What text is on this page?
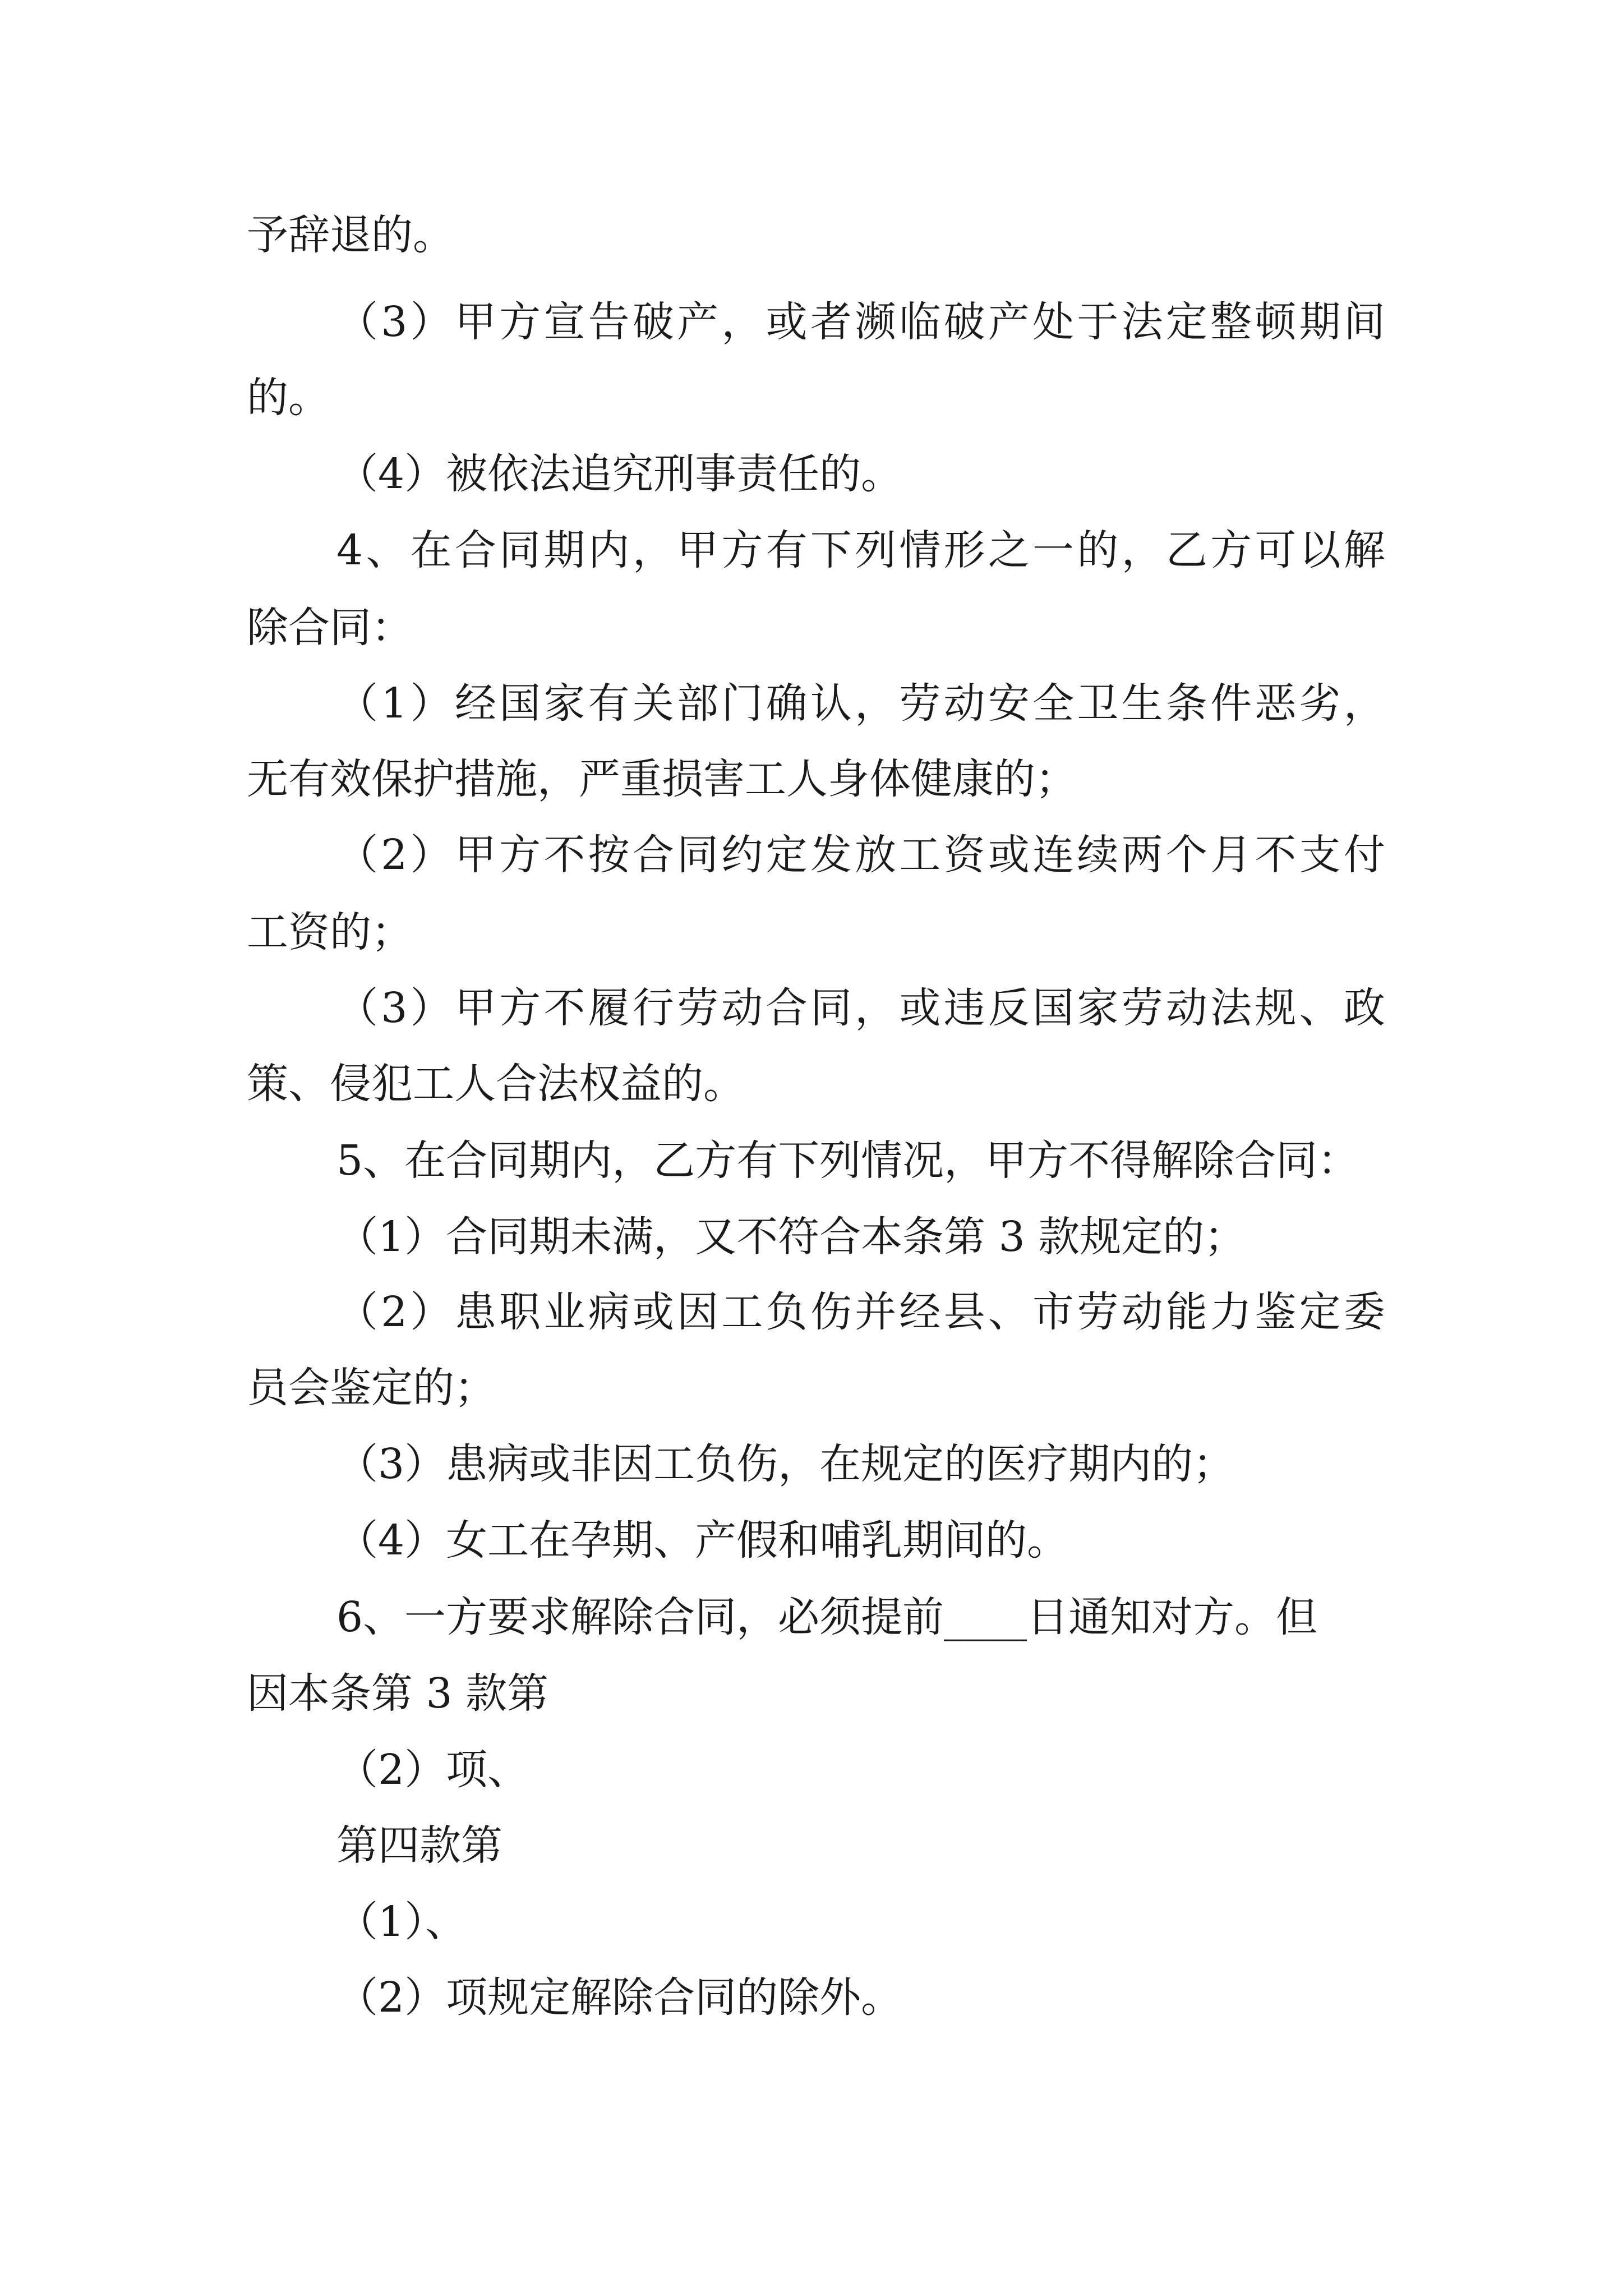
予辞退的。
（ 3 ） 甲 方 宣 告 破 产 ， 或 者 濒 临 破 产 处 于 法 定 整 顿 期 间
的。
（4）被依法追究刑事责任的。
4 、 在 合 同 期 内 ， 甲 方 有 下 列 情 形 之 一 的 ， 乙 方 可 以 解
除合同：
（ 1 ） 经 国 家 有 关 部 门 确 认 ， 劳 动 安 全 卫 生 条 件 恶 劣 ，
无有效保护措施，严重损害工人身体健康的；
（ 2 ） 甲 方 不 按 合 同 约 定 发 放 工 资 或 连 续 两 个 月 不 支 付
工资的；
（ 3 ） 甲 方 不 履 行 劳 动 合 同 ， 或 违 反 国 家 劳 动 法 规 、 政
策、侵犯工人合法权益的。
5、在合同期内，乙方有下列情况，甲方不得解除合同：
（1）合同期未满，又不符合本条第 3 款规定的；
（ 2 ） 患 职 业 病 或 因 工 负 伤 并 经 县 、 市 劳 动 能 力 鉴 定 委
员会鉴定的；
（3）患病或非因工负伤，在规定的医疗期内的；
（4）女工在孕期、产假和哺乳期间的。
6、一方要求解除合同，必须提前____日通知对方。但
因本条第 3 款第
（2）项、
第四款第
（1）、
（2）项规定解除合同的除外。
